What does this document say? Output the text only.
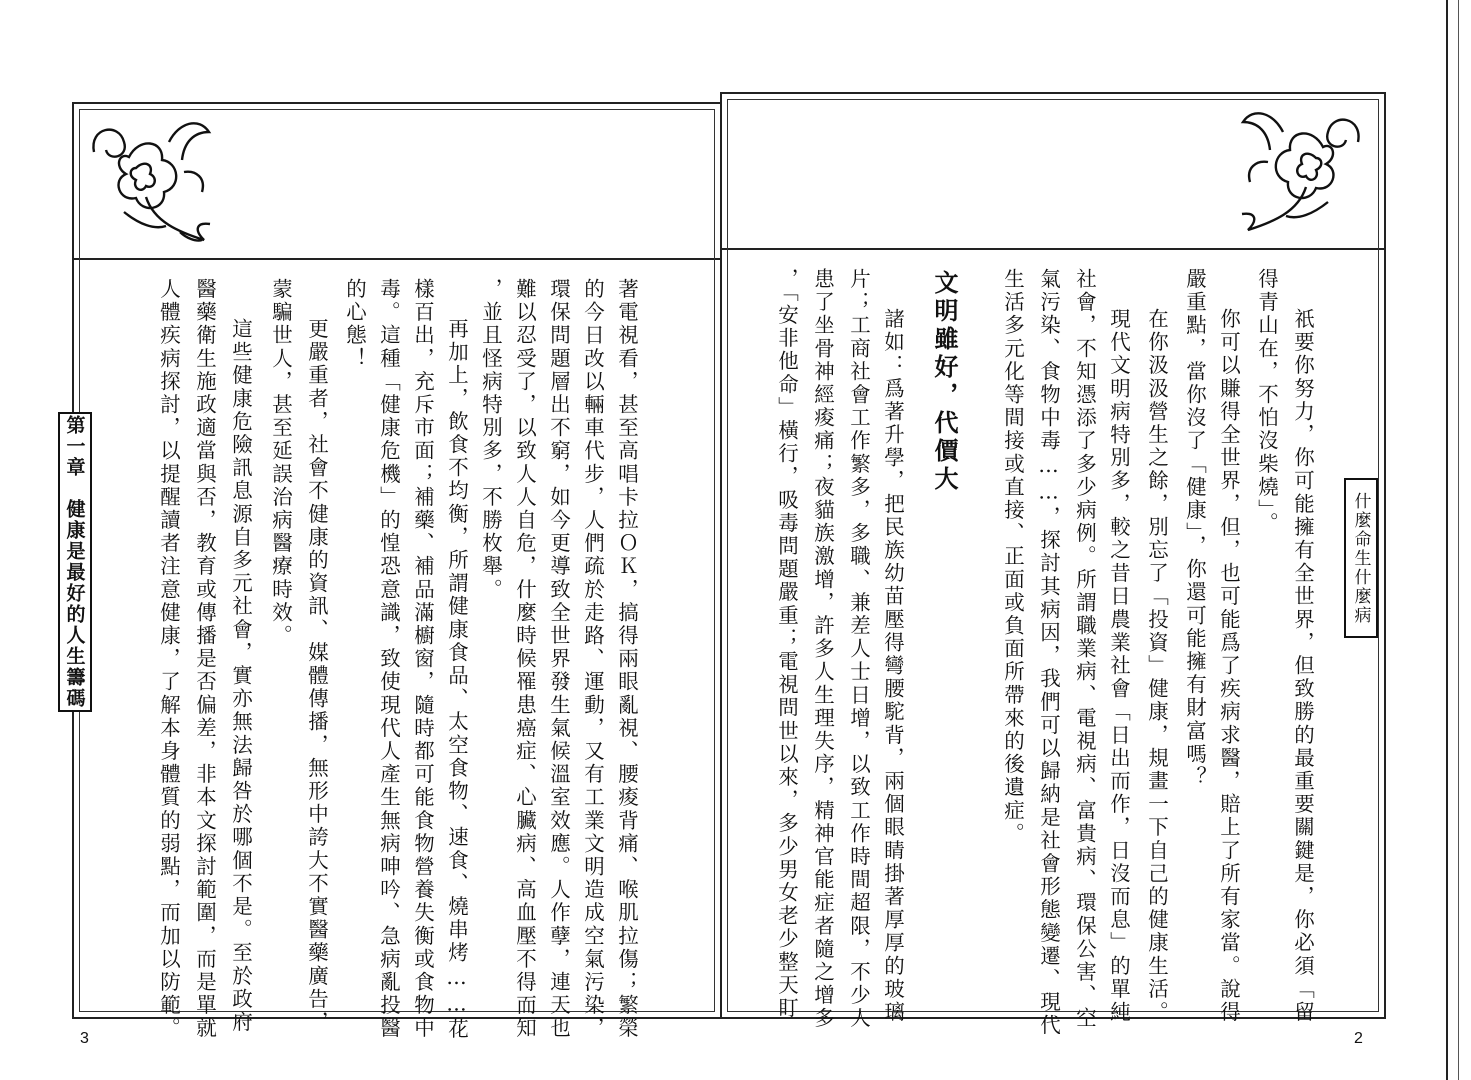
著電視看，甚至高唱卡拉ＯＫ，搞得兩眼亂視、腰痠背痛、喉肌拉傷；繁榮

的今日改以輛車代步，人們疏於走路、運動，又有工業文明造成空氣污染，

環保問題層出不窮，如今更導致全世界發生氣候溫室效應。人作孽，連天也

難以忍受了，以致人人自危，什麼時候罹患癌症、心臟病、高血壓不得而知

，並且怪病特別多，不勝枚舉。

再加上，飲食不均衡，所謂健康食品、太空食物、速食、燒串烤……花

樣百出，充斥市面；補藥、補品滿櫥窗，隨時都可能食物營養失衡或食物中

毒。這種「健康危機」的惶恐意識，致使現代人產生無病呻吟、急病亂投醫

的心態！

更嚴重者，社會不健康的資訊、媒體傳播，無形中誇大不實醫藥廣告，

蒙騙世人，甚至延誤治病醫療時效。

這些健康危險訊息源自多元社會，實亦無法歸咎於哪個不是。至於政府

醫藥衛生施政適當與否，教育或傳播是否偏差，非本文探討範圍，而是單就

人體疾病探討，以提醒讀者注意健康，了解本身體質的弱點，而加以防範。

第一章　健康是最好的人生籌碼
3

祇要你努力，你可能擁有全世界，但致勝的最重要關鍵是，你必須「留

得青山在，不怕沒柴燒」。

你可以賺得全世界，但，也可能爲了疾病求醫，賠上了所有家當。說得

嚴重點，當你沒了「健康」，你還可能擁有財富嗎？

在你汲汲營生之餘，別忘了「投資」健康，規畫一下自己的健康生活。

現代文明病特別多，較之昔日農業社會「日出而作，日沒而息」的單純

社會，不知憑添了多少病例。所謂職業病、電視病、富貴病、環保公害、空

氣污染、食物中毒……，探討其病因，我們可以歸納是社會形態變遷、現代

生活多元化等間接或直接、正面或負面所帶來的後遺症。

文明雖好，代價大

諸如：爲著升學，把民族幼苗壓得彎腰駝背，兩個眼睛掛著厚厚的玻璃

片；工商社會工作繁多，多職、兼差人士日增，以致工作時間超限，不少人

患了坐骨神經痠痛；夜貓族激增，許多人生理失序，精神官能症者隨之增多

，「安非他命」橫行，吸毒問題嚴重；電視問世以來，多少男女老少整天盯

2
什麼命生什麼病
